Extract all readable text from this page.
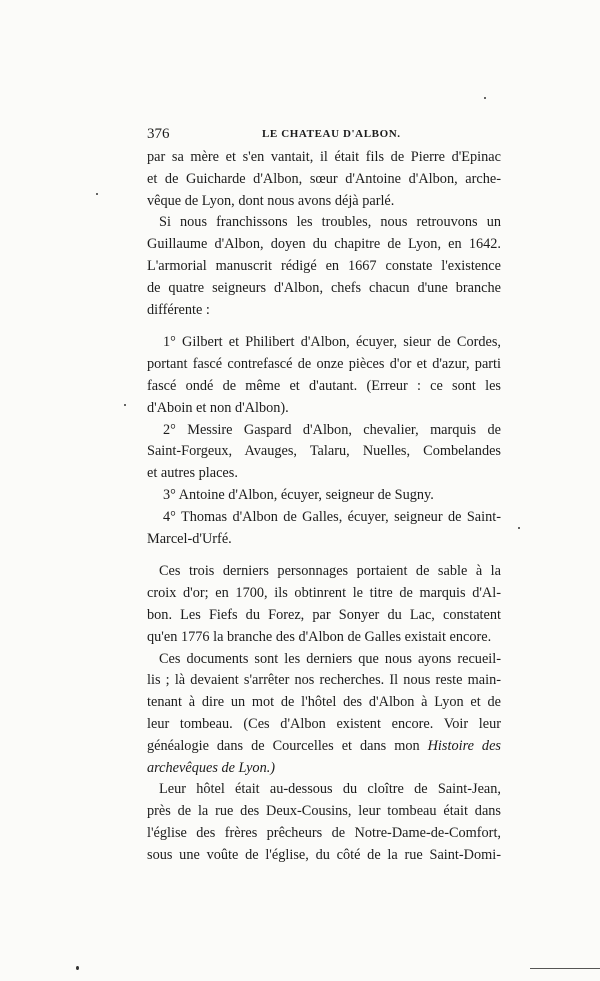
376	LE CHATEAU D'ALBON.
par sa mère et s'en vantait, il était fils de Pierre d'Epinac
et de Guicharde d'Albon, sœur d'Antoine d'Albon, arche-
vêque de Lyon, dont nous avons déjà parlé.
Si nous franchissons les troubles, nous retrouvons un
Guillaume d'Albon, doyen du chapitre de Lyon, en 1642.
L'armorial manuscrit rédigé en 1667 constate l'existence
de quatre seigneurs d'Albon, chefs chacun d'une branche
différente :
1° Gilbert et Philibert d'Albon, écuyer, sieur de Cordes,
portant fascé contrefascé de onze pièces d'or et d'azur, parti
fascé ondé de même et d'autant. (Erreur : ce sont les
d'Aboin et non d'Albon).
2° Messire Gaspard d'Albon, chevalier, marquis de
Saint-Forgeux, Avauges, Talaru, Nuelles, Combelandes
et autres places.
3° Antoine d'Albon, écuyer, seigneur de Sugny.
4° Thomas d'Albon de Galles, écuyer, seigneur de Saint-
Marcel-d'Urfé.
Ces trois derniers personnages portaient de sable à la
croix d'or; en 1700, ils obtinrent le titre de marquis d'Al-
bon. Les Fiefs du Forez, par Sonyer du Lac, constatent
qu'en 1776 la branche des d'Albon de Galles existait encore.
Ces documents sont les derniers que nous ayons recueil-
lis ; là devaient s'arrêter nos recherches. Il nous reste main-
tenant à dire un mot de l'hôtel des d'Albon à Lyon et de
leur tombeau. (Ces d'Albon existent encore. Voir leur
généalogie dans de Courcelles et dans mon Histoire des
archevêques de Lyon.)
Leur hôtel était au-dessous du cloître de Saint-Jean,
près de la rue des Deux-Cousins, leur tombeau était dans
l'église des frères prêcheurs de Notre-Dame-de-Comfort,
sous une voûte de l'église, du côté de la rue Saint-Domi-
